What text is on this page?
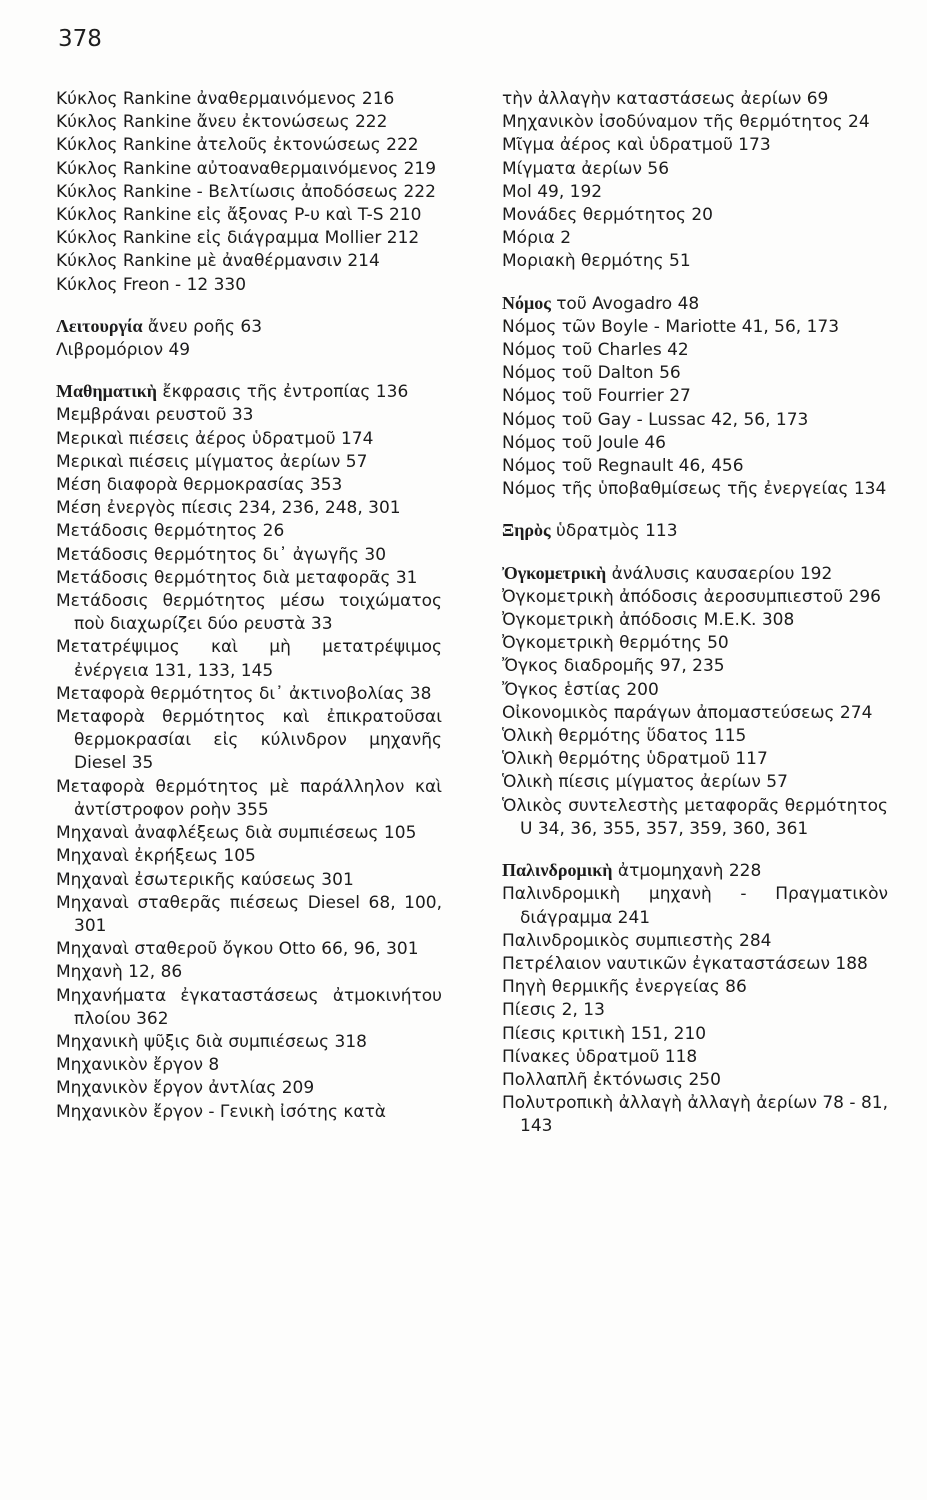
378
Κύκλος Rankine ἀναθερμαινόμενος 216
Κύκλος Rankine ἄνευ ἐκτονώσεως 222
Κύκλος Rankine ἀτελοῦς ἐκτονώσεως 222
Κύκλος Rankine αὐτοαναθερμαινόμενος 219
Κύκλος Rankine - Βελτίωσις ἀποδόσεως 222
Κύκλος Rankine εἰς ἄξονας P-υ καὶ T-S 210
Κύκλος Rankine εἰς διάγραμμα Mollier 212
Κύκλος Rankine μὲ ἀναθέρμανσιν 214
Κύκλος Freon - 12 330
Λειτουργία ἄνευ ροῆς 63
Λιβρομόριον 49
Μαθηματικὴ ἔκφρασις τῆς ἐντροπίας 136
Μεμβράναι ρευστοῦ 33
Μερικαὶ πιέσεις ἀέρος ὑδρατμοῦ 174
Μερικαὶ πιέσεις μίγματος ἀερίων 57
Μέση διαφορὰ θερμοκρασίας 353
Μέση ἐνεργὸς πίεσις 234, 236, 248, 301
Μετάδοσις θερμότητος 26
Μετάδοσις θερμότητος δι᾽ ἀγωγῆς 30
Μετάδοσις θερμότητος διὰ μεταφορᾶς 31
Μετάδοσις θερμότητος μέσω τοιχώματος ποὺ διαχωρίζει δύο ρευστὰ 33
Μετατρέψιμος καὶ μὴ μετατρέψιμος ἐνέργεια 131, 133, 145
Μεταφορὰ θερμότητος δι᾽ ἀκτινοβολίας 38
Μεταφορὰ θερμότητος καὶ ἐπικρατοῦσαι θερμοκρασίαι εἰς κύλινδρον μηχανῆς Diesel 35
Μεταφορὰ θερμότητος μὲ παράλληλον καὶ ἀντίστροφον ροὴν 355
Μηχαναὶ ἀναφλέξεως διὰ συμπιέσεως 105
Μηχαναὶ ἐκρήξεως 105
Μηχαναὶ ἐσωτερικῆς καύσεως 301
Μηχαναὶ σταθερᾶς πιέσεως Diesel 68, 100, 301
Μηχαναὶ σταθεροῦ ὄγκου Otto 66, 96, 301
Μηχανὴ 12, 86
Μηχανήματα ἐγκαταστάσεως ἀτμοκινήτου πλοίου 362
Μηχανικὴ ψῦξις διὰ συμπιέσεως 318
Μηχανικὸν ἔργον 8
Μηχανικὸν ἔργον ἀντλίας 209
Μηχανικὸν ἔργον - Γενικὴ ἰσότης κατὰ
τὴν ἀλλαγὴν καταστάσεως ἀερίων 69
Μηχανικὸν ἰσοδύναμον τῆς θερμότητος 24
Μῖγμα ἀέρος καὶ ὑδρατμοῦ 173
Μίγματα ἀερίων 56
Mol 49, 192
Μονάδες θερμότητος 20
Μόρια 2
Μοριακὴ θερμότης 51
Νόμος τοῦ Avogadro 48
Νόμος τῶν Boyle - Mariotte 41, 56, 173
Νόμος τοῦ Charles 42
Νόμος τοῦ Dalton 56
Νόμος τοῦ Fourrier 27
Νόμος τοῦ Gay - Lussac 42, 56, 173
Νόμος τοῦ Joule 46
Νόμος τοῦ Regnault 46, 456
Νόμος τῆς ὑποβαθμίσεως τῆς ἐνεργείας 134
Ξηρὸς ὑδρατμὸς 113
Ὀγκομετρικὴ ἀνάλυσις καυσαερίου 192
Ὀγκομετρικὴ ἀπόδοσις ἀεροσυμπιεστοῦ 296
Ὀγκομετρικὴ ἀπόδοσις Μ.Ε.Κ. 308
Ὀγκομετρικὴ θερμότης 50
Ὄγκος διαδρομῆς 97, 235
Ὄγκος ἑστίας 200
Οἰκονομικὸς παράγων ἀπομαστεύσεως 274
Ὁλικὴ θερμότης ὕδατος 115
Ὁλικὴ θερμότης ὑδρατμοῦ 117
Ὁλικὴ πίεσις μίγματος ἀερίων 57
Ὁλικὸς συντελεστὴς μεταφορᾶς θερμότητος U 34, 36, 355, 357, 359, 360, 361
Παλινδρομικὴ ἀτμομηχανὴ 228
Παλινδρομικὴ μηχανὴ - Πραγματικὸν διάγραμμα 241
Παλινδρομικὸς συμπιεστὴς 284
Πετρέλαιον ναυτικῶν ἐγκαταστάσεων 188
Πηγὴ θερμικῆς ἐνεργείας 86
Πίεσις 2, 13
Πίεσις κριτικὴ 151, 210
Πίνακες ὑδρατμοῦ 118
Πολλαπλῆ ἐκτόνωσις 250
Πολυτροπικὴ ἀλλαγὴ ἀλλαγὴ ἀερίων 78 - 81, 143
